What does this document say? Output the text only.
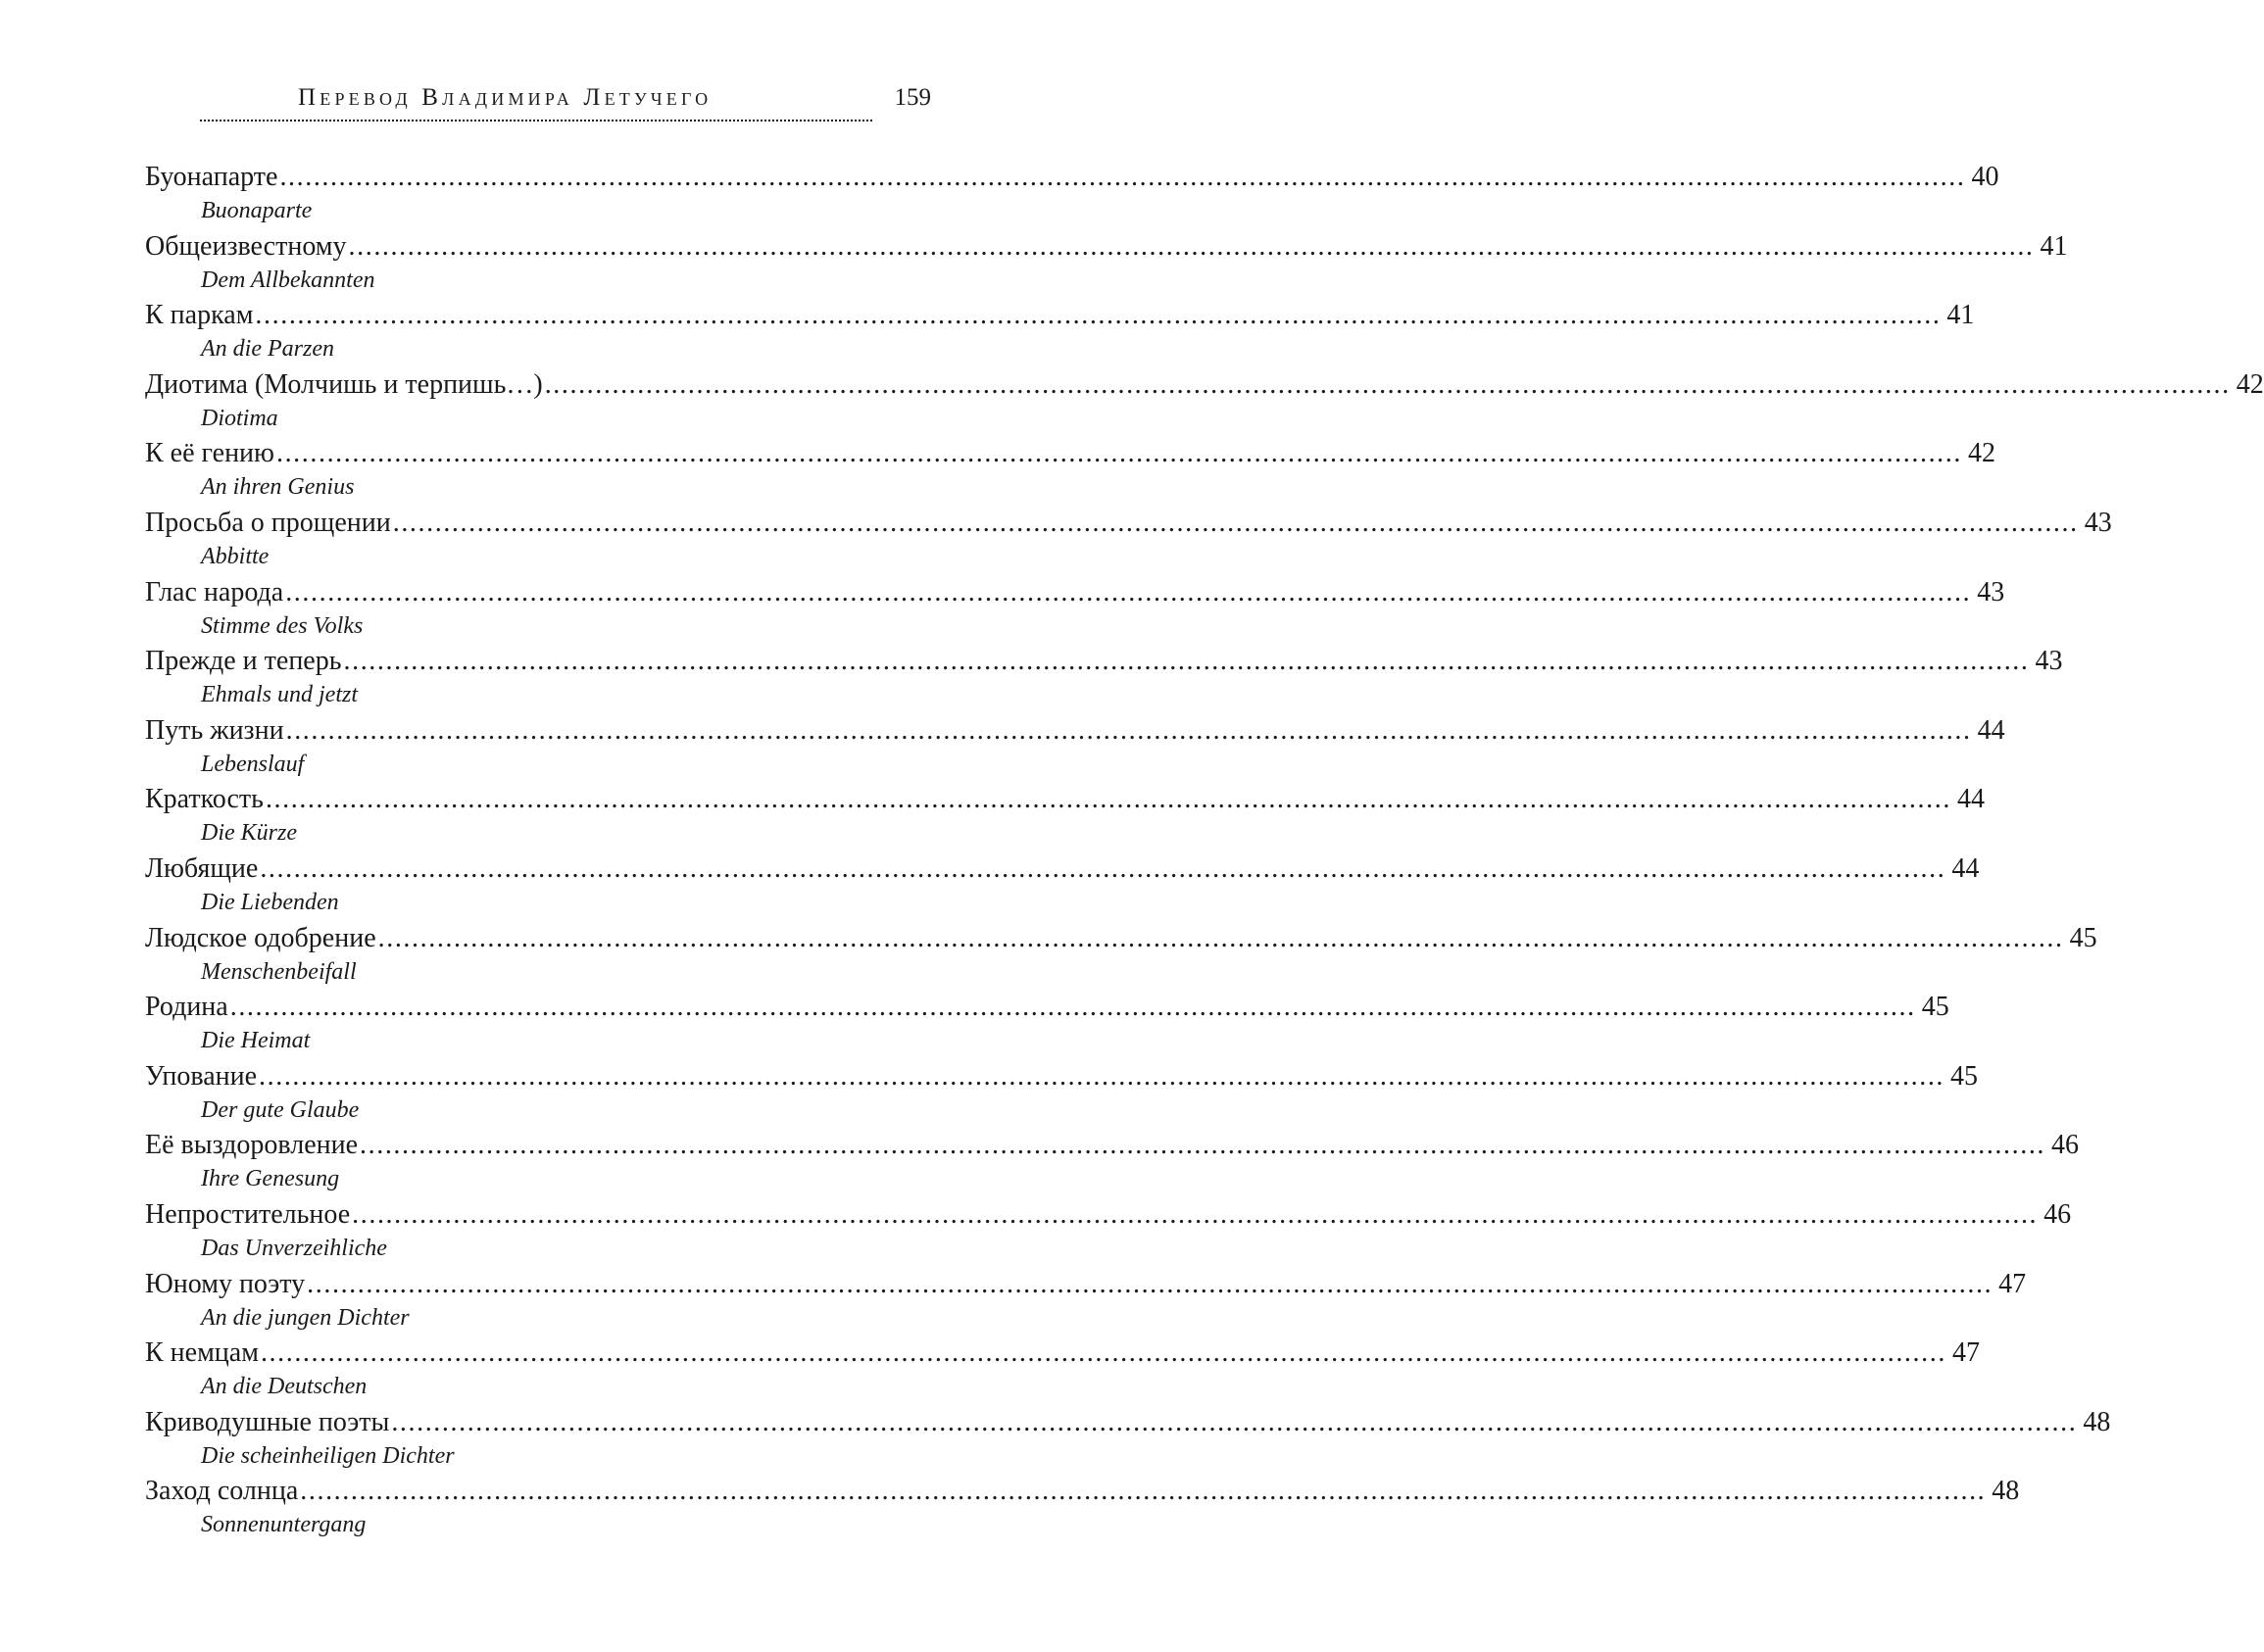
Перевод Владимира Летучего	159
Буонапарте ........................................................................................................................................................................................................ 40
Buonaparte
Общеизвестному ........................................................................................................................................................................................................ 41
Dem Allbekannten
К паркам ........................................................................................................................................................................................................ 41
An die Parzen
Диотима (Молчишь и терпишь…) ........................................................................................................................................................................................................ 42
Diotima
К её гению ........................................................................................................................................................................................................ 42
An ihren Genius
Просьба о прощении ........................................................................................................................................................................................................ 43
Abbitte
Глас народа ........................................................................................................................................................................................................ 43
Stimme des Volks
Прежде и теперь ........................................................................................................................................................................................................ 43
Ehmals und jetzt
Путь жизни ........................................................................................................................................................................................................ 44
Lebenslauf
Краткость ........................................................................................................................................................................................................ 44
Die Kürze
Любящие ........................................................................................................................................................................................................ 44
Die Liebenden
Людское одобрение ........................................................................................................................................................................................................ 45
Menschenbeifall
Родина ........................................................................................................................................................................................................ 45
Die Heimat
Упование ........................................................................................................................................................................................................ 45
Der gute Glaube
Её выздоровление ........................................................................................................................................................................................................ 46
Ihre Genesung
Непростительное ........................................................................................................................................................................................................ 46
Das Unverzeihliche
Юному поэту ........................................................................................................................................................................................................ 47
An die jungen Dichter
К немцам ........................................................................................................................................................................................................ 47
An die Deutschen
Криводушные поэты ........................................................................................................................................................................................................ 48
Die scheinheiligen Dichter
Заход солнца ........................................................................................................................................................................................................ 48
Sonnenuntergang
